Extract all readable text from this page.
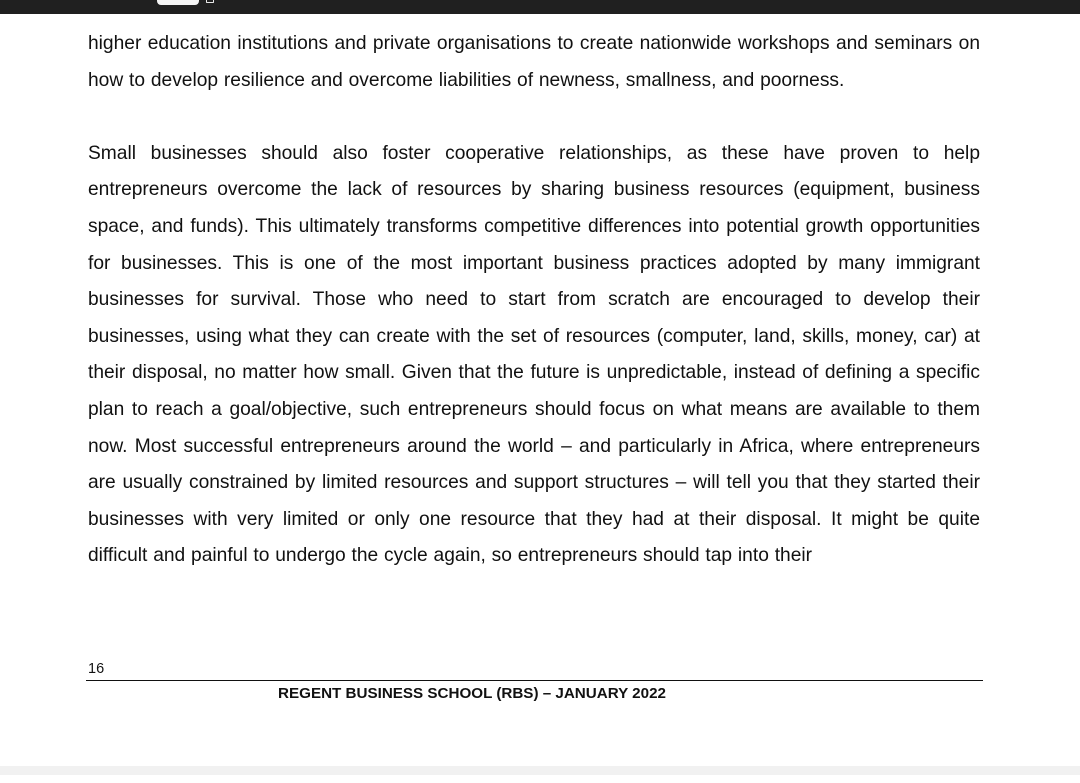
higher education institutions and private organisations to create nationwide workshops and seminars on how to develop resilience and overcome liabilities of newness, smallness, and poorness.

Small businesses should also foster cooperative relationships, as these have proven to help entrepreneurs overcome the lack of resources by sharing business resources (equipment, business space, and funds). This ultimately transforms competitive differences into potential growth opportunities for businesses. This is one of the most important business practices adopted by many immigrant businesses for survival. Those who need to start from scratch are encouraged to develop their businesses, using what they can create with the set of resources (computer, land, skills, money, car) at their disposal, no matter how small. Given that the future is unpredictable, instead of defining a specific plan to reach a goal/objective, such entrepreneurs should focus on what means are available to them now. Most successful entrepreneurs around the world – and particularly in Africa, where entrepreneurs are usually constrained by limited resources and support structures – will tell you that they started their businesses with very limited or only one resource that they had at their disposal. It might be quite difficult and painful to undergo the cycle again, so entrepreneurs should tap into their

16
REGENT BUSINESS SCHOOL (RBS) – JANUARY 2022
